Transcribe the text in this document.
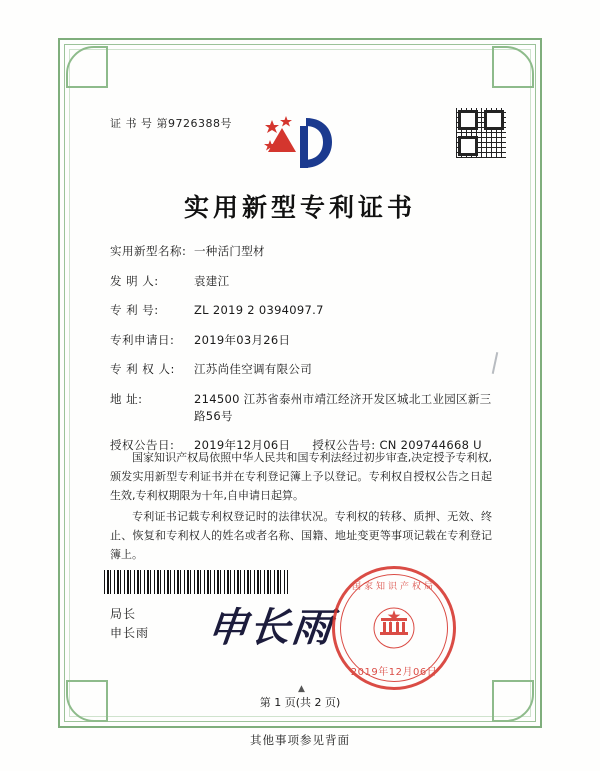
证 书 号 第9726388号
实用新型专利证书
实用新型名称: 一种活门型材
发 明 人:	袁建江
专 利 号:	ZL 2019 2 0394097.7
专利申请日:	2019年03月26日
专 利 权 人:	江苏尚佳空调有限公司
地 址:	214500 江苏省泰州市靖江经济开发区城北工业园区新三
路56号
授权公告日:	2019年12月06日 授权公告号: CN 209744668 U

国家知识产权局依照中华人民共和国专利法经过初步审查,决定授予专利权,颁发实用新型专利证书并在专利登记簿上予以登记。专利权自授权公告之日起生效,专利权期限为十年,自申请日起算。

专利证书记载专利权登记时的法律状况。专利权的转移、质押、无效、终止、恢复和专利权人的姓名或者名称、国籍、地址变更等事项记载在专利登记簿上。

局长
申长雨 申长雨
国家知识产权局
2019年12月06日
▲
第 1 页(共 2 页)
其他事项参见背面
